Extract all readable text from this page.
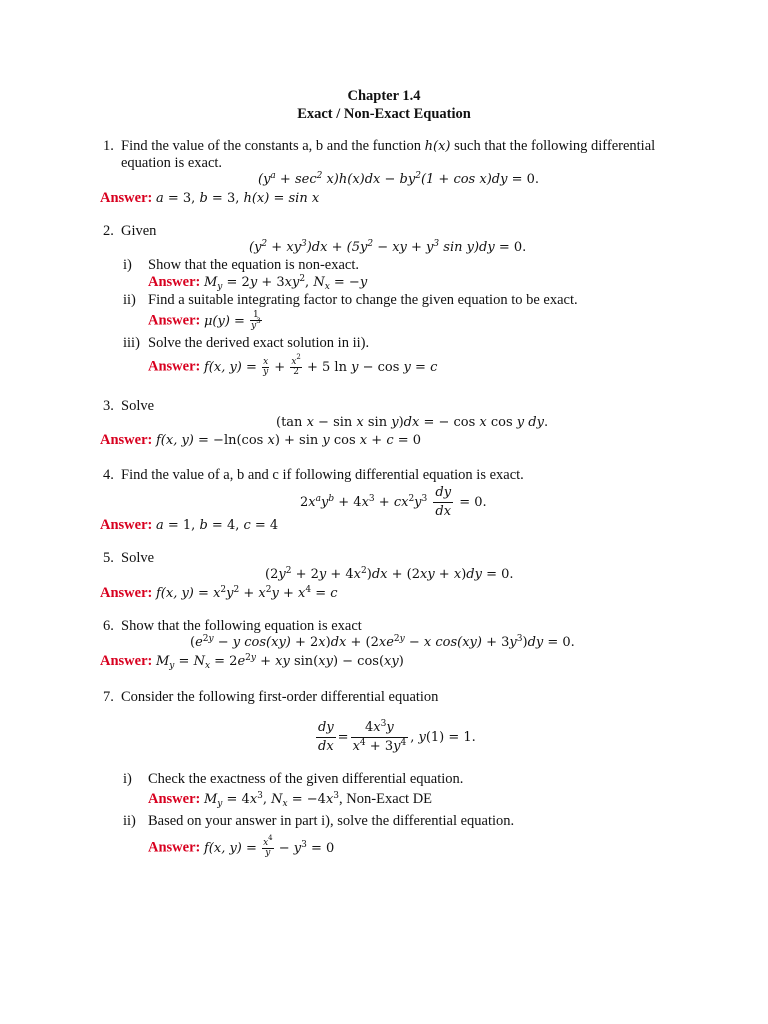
Chapter 1.4
Exact / Non-Exact Equation
1. Find the value of the constants a, b and the function h(x) such that the following differential
equation is exact.
$(y^a + \sec^2 x)h(x)dx - by^2(1 + \cos x)dy = 0$.
Answer: a = 3, b = 3, h(x) = sin x
2. Given
$(y^2 + xy^3)dx + (5y^2$ − xy + $y^3$ sin y)dy = 0.
i) Show that the equation is non-exact.
Answer: $M_y = 2y + 3xy^2$, $N_x = -y$
ii) Find a suitable integrating factor to change the given equation to be exact.
Answer: $\mu(y) = \frac{1}{y^3}$
iii) Solve the derived exact solution in ii).
Answer: f(x, $y) = \frac{x}{y} + \frac{x^2}{2} + 5$ ln y − cos y = c
3. Solve
(tan x − sin x sin y)dx = − cos x cos y dy.
Answer: f(x, y) = −ln(cos x) + sin y cos x + c = 0
4. Find the value of a, b and c if following differential equation is exact.
$2x^ay^b + 4x^3 + cx^2y^3 \frac{dy}{dx} = 0$.
Answer: a = 1, b = 4, c = 4
5. Solve
$(2y^2 + 2y + 4x^2)dx + (2xy + x)dy = 0$.
Answer: f(x, $y) = x^2y^2 + x^2y + x^4 = c$
6. Show that the following equation is exact
($e^{2y} - y$ $\cos(xy) + 2x)dx + (2xe^{2y} - x$ $\cos(xy) + 3y^3)dy = 0$.
Answer: $M_y = N_x = 2e^{2y}$ + xy sin(xy) − cos(xy)
7. Consider the following first-order differential equation
$\frac{dy}{dx} = \frac{4x^3y}{x^4 + 3y^4}$ , y(1) = 1.
i) Check the exactness of the given differential equation.
Answer: $M_y = 4x^3$, $N_x = -4x^3$, Non-Exact DE
ii) Based on your answer in part i), solve the differential equation.
Answer: f(x, $y) = \frac{x^4}{y} - y^3 = 0$
